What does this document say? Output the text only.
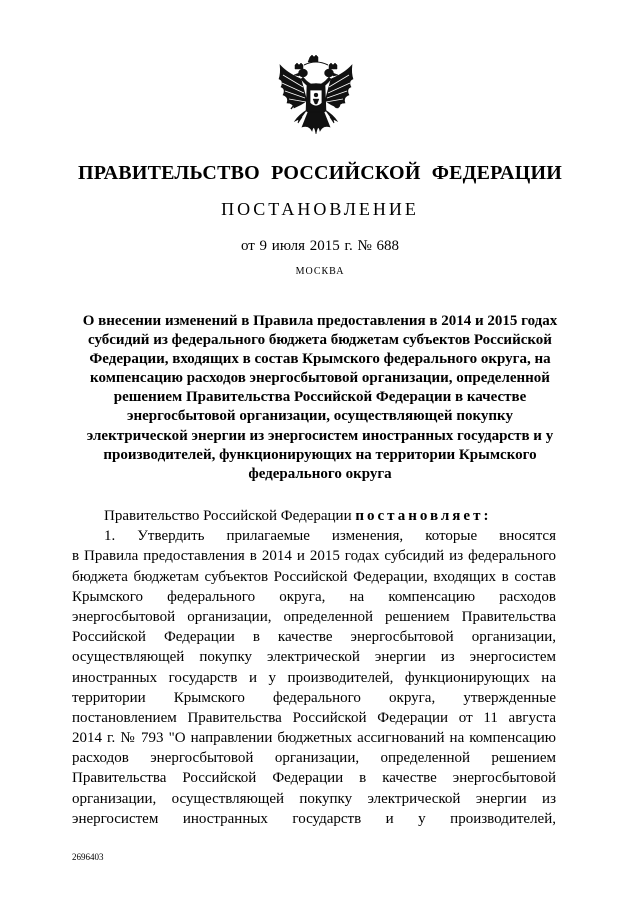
ПРАВИТЕЛЬСТВО РОССИЙСКОЙ ФЕДЕРАЦИИ
ПОСТАНОВЛЕНИЕ
от 9 июля 2015 г. № 688
МОСКВА
О внесении изменений в Правила предоставления в 2014 и 2015 годах
субсидий из федерального бюджета бюджетам субъектов Российской
Федерации, входящих в состав Крымского федерального округа, на
компенсацию расходов энергосбытовой организации, определенной
решением Правительства Российской Федерации в качестве
энергосбытовой организации, осуществляющей покупку
электрической энергии из энергосистем иностранных государств и у
производителей, функционирующих на территории Крымского
федерального округа
Правительство Российской Федерации постановляет:
1. Утвердить прилагаемые изменения, которые вносятся
в Правила предоставления в 2014 и 2015 годах субсидий из федерального
бюджета бюджетам субъектов Российской Федерации, входящих в состав
Крымского федерального округа, на компенсацию расходов
энергосбытовой организации, определенной решением Правительства
Российской Федерации в качестве энергосбытовой организации,
осуществляющей покупку электрической энергии из энергосистем
иностранных государств и у производителей, функционирующих на
территории Крымского федерального округа, утвержденные
постановлением Правительства Российской Федерации от 11 августа
2014 г. № 793 "О направлении бюджетных ассигнований на компенсацию
расходов энергосбытовой организации, определенной решением
Правительства Российской Федерации в качестве энергосбытовой
организации, осуществляющей покупку электрической энергии из
энергосистем иностранных государств и у производителей,
2696403
